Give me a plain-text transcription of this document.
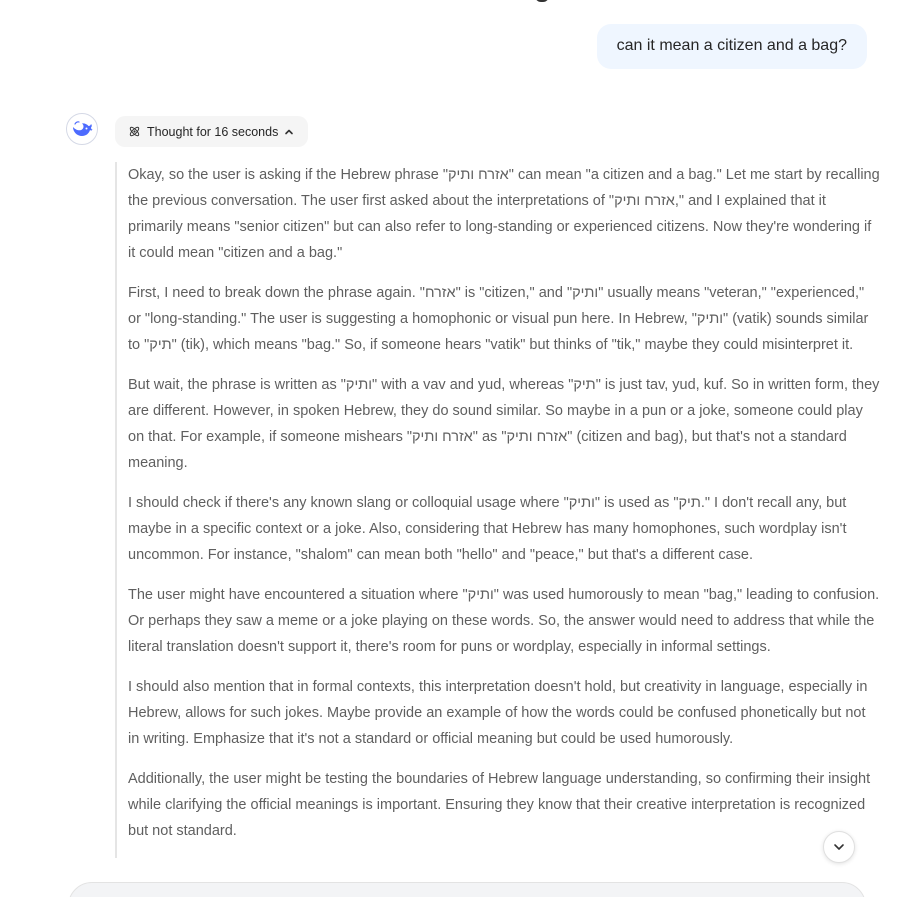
can it mean a citizen and a bag?
Thought for 16 seconds

Okay, so the user is asking if the Hebrew phrase "אזרח ותיק" can mean "a citizen and a bag." Let me start by recalling the previous conversation. The user first asked about the interpretations of "אזרח ותיק," and I explained that it primarily means "senior citizen" but can also refer to long-standing or experienced citizens. Now they're wondering if it could mean "citizen and a bag."

First, I need to break down the phrase again. "אזרח" is "citizen," and "ותיק" usually means "veteran," "experienced," or "long-standing." The user is suggesting a homophonic or visual pun here. In Hebrew, "ותיק" (vatik) sounds similar to "תיק" (tik), which means "bag." So, if someone hears "vatik" but thinks of "tik," maybe they could misinterpret it.

But wait, the phrase is written as "ותיק" with a vav and yud, whereas "תיק" is just tav, yud, kuf. So in written form, they are different. However, in spoken Hebrew, they do sound similar. So maybe in a pun or a joke, someone could play on that. For example, if someone mishears "אזרח ותיק" as "אזרח ותיק" (citizen and bag), but that's not a standard meaning.

I should check if there's any known slang or colloquial usage where "ותיק" is used as "תיק." I don't recall any, but maybe in a specific context or a joke. Also, considering that Hebrew has many homophones, such wordplay isn't uncommon. For instance, "shalom" can mean both "hello" and "peace," but that's a different case.

The user might have encountered a situation where "ותיק" was used humorously to mean "bag," leading to confusion. Or perhaps they saw a meme or a joke playing on these words. So, the answer would need to address that while the literal translation doesn't support it, there's room for puns or wordplay, especially in informal settings.

I should also mention that in formal contexts, this interpretation doesn't hold, but creativity in language, especially in Hebrew, allows for such jokes. Maybe provide an example of how the words could be confused phonetically but not in writing. Emphasize that it's not a standard or official meaning but could be used humorously.

Additionally, the user might be testing the boundaries of Hebrew language understanding, so confirming their insight while clarifying the official meanings is important. Ensuring they know that their creative interpretation is recognized but not standard.
